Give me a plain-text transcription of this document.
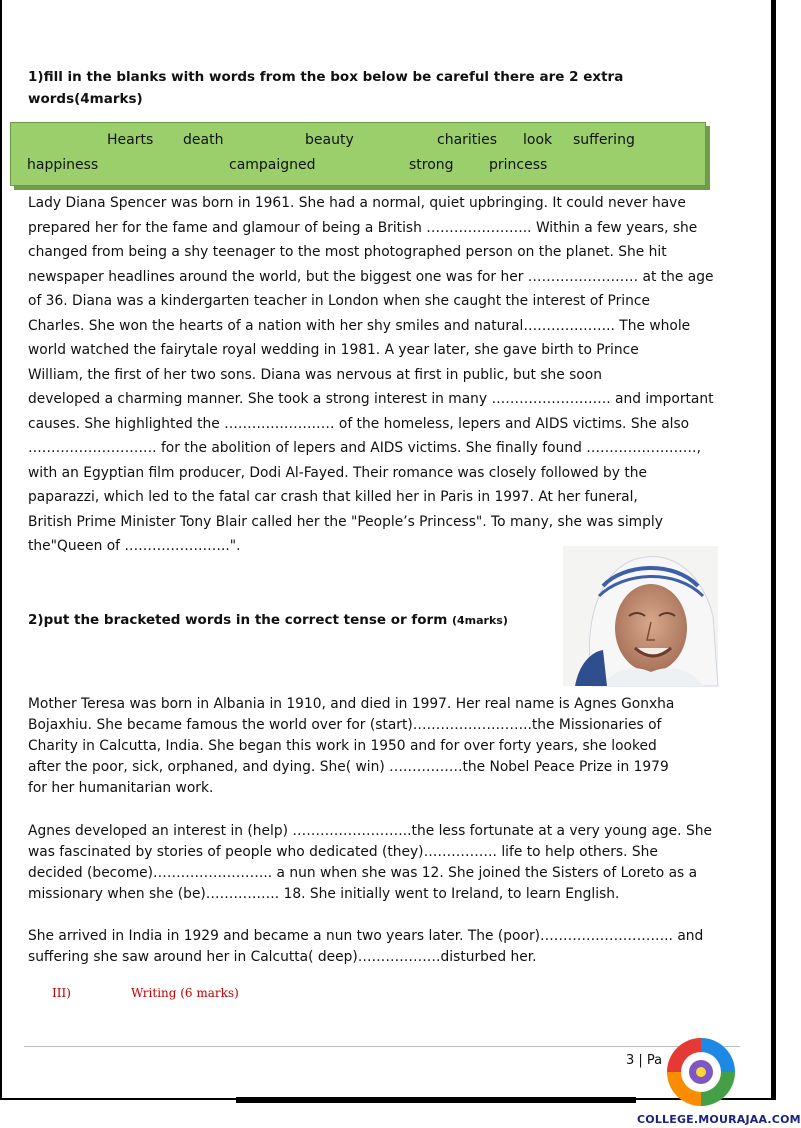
1)fill in the blanks with words from the box below be careful there are 2 extra words(4marks)
Hearts death	beauty	charities look suffering
happiness	campaigned	strong	princess
Lady Diana Spencer was born in 1961. She had a normal, quiet upbringing. It could never have
prepared her for the fame and glamour of being a British ………………….. Within a few years, she
changed from being a shy teenager to the most photographed person on the planet. She hit
newspaper headlines around the world, but the biggest one was for her …………………… at the age
of 36. Diana was a kindergarten teacher in London when she caught the interest of Prince
Charles. She won the hearts of a nation with her shy smiles and natural……………….. The whole
world watched the fairytale royal wedding in 1981. A year later, she gave birth to Prince
William, the first of her two sons. Diana was nervous at first in public, but she soon
developed a charming manner. She took a strong interest in many …………………….. and important
causes. She highlighted the …………………… of the homeless, lepers and AIDS victims. She also
………………………. for the abolition of lepers and AIDS victims. She finally found ……………………,
with an Egyptian film producer, Dodi Al-Fayed. Their romance was closely followed by the
paparazzi, which led to the fatal car crash that killed her in Paris in 1997. At her funeral,
British Prime Minister Tony Blair called her the "People’s Princess". To many, she was simply
the"Queen of …………………..".
2)put the bracketed words in the correct tense or form (4marks)
Mother Teresa was born in Albania in 1910, and died in 1997. Her real name is Agnes Gonxha
Bojaxhiu. She became famous the world over for (start)……………………..the Missionaries of
Charity in Calcutta, India. She began this work in 1950 and for over forty years, she looked
after the poor, sick, orphaned, and dying. She( win) …………….the Nobel Peace Prize in 1979
for her humanitarian work.
Agnes developed an interest in (help) ……………………..the less fortunate at a very young age. She
was fascinated by stories of people who dedicated (they)……………. life to help others. She
decided (become)…………………….. a nun when she was 12. She joined the Sisters of Loreto as a
missionary when she (be)……………. 18. She initially went to Ireland, to learn English.
She arrived in India in 1929 and became a nun two years later. The (poor)……………………….. and
suffering she saw around her in Calcutta( deep)………………disturbed her.
III)	Writing (6 marks)
3 | Pa
COLLEGE.MOURAJAA.COM
